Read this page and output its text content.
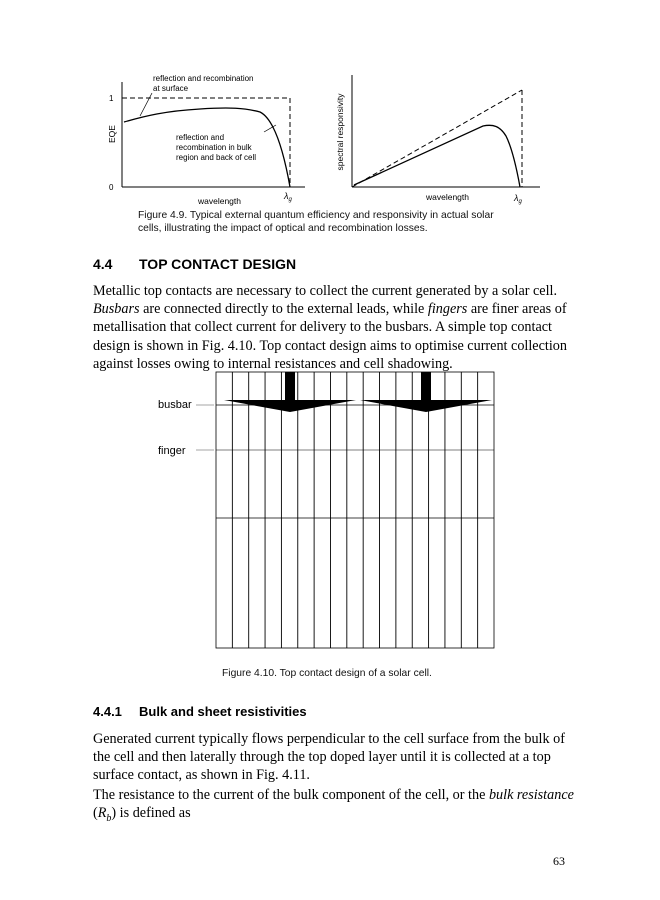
1
0
EQE
reflection and recombination
at surface
reflection and
recombination in bulk
region and back of cell
wavelength	$\lambda_g$
spectral responsivity
wavelength	$\lambda_g$
Figure 4.9. Typical external quantum efficiency and responsivity in actual solar
cells, illustrating the impact of optical and recombination losses.
4.4 TOP CONTACT DESIGN
Metallic top contacts are necessary to collect the current generated by a solar cell.
Busbars are connected directly to the external leads, while fingers are finer areas of
metallisation that collect current for delivery to the busbars. A simple top contact
design is shown in Fig. 4.10. Top contact design aims to optimise current collection
against losses owing to internal resistances and cell shadowing.
busbar
finger
Figure 4.10. Top contact design of a solar cell.
4.4.1 Bulk and sheet resistivities
Generated current typically flows perpendicular to the cell surface from the bulk of
the cell and then laterally through the top doped layer until it is collected at a top
surface contact, as shown in Fig. 4.11.
The resistance to the current of the bulk component of the cell, or the bulk resistance
$(R_b)$ is defined as
63
